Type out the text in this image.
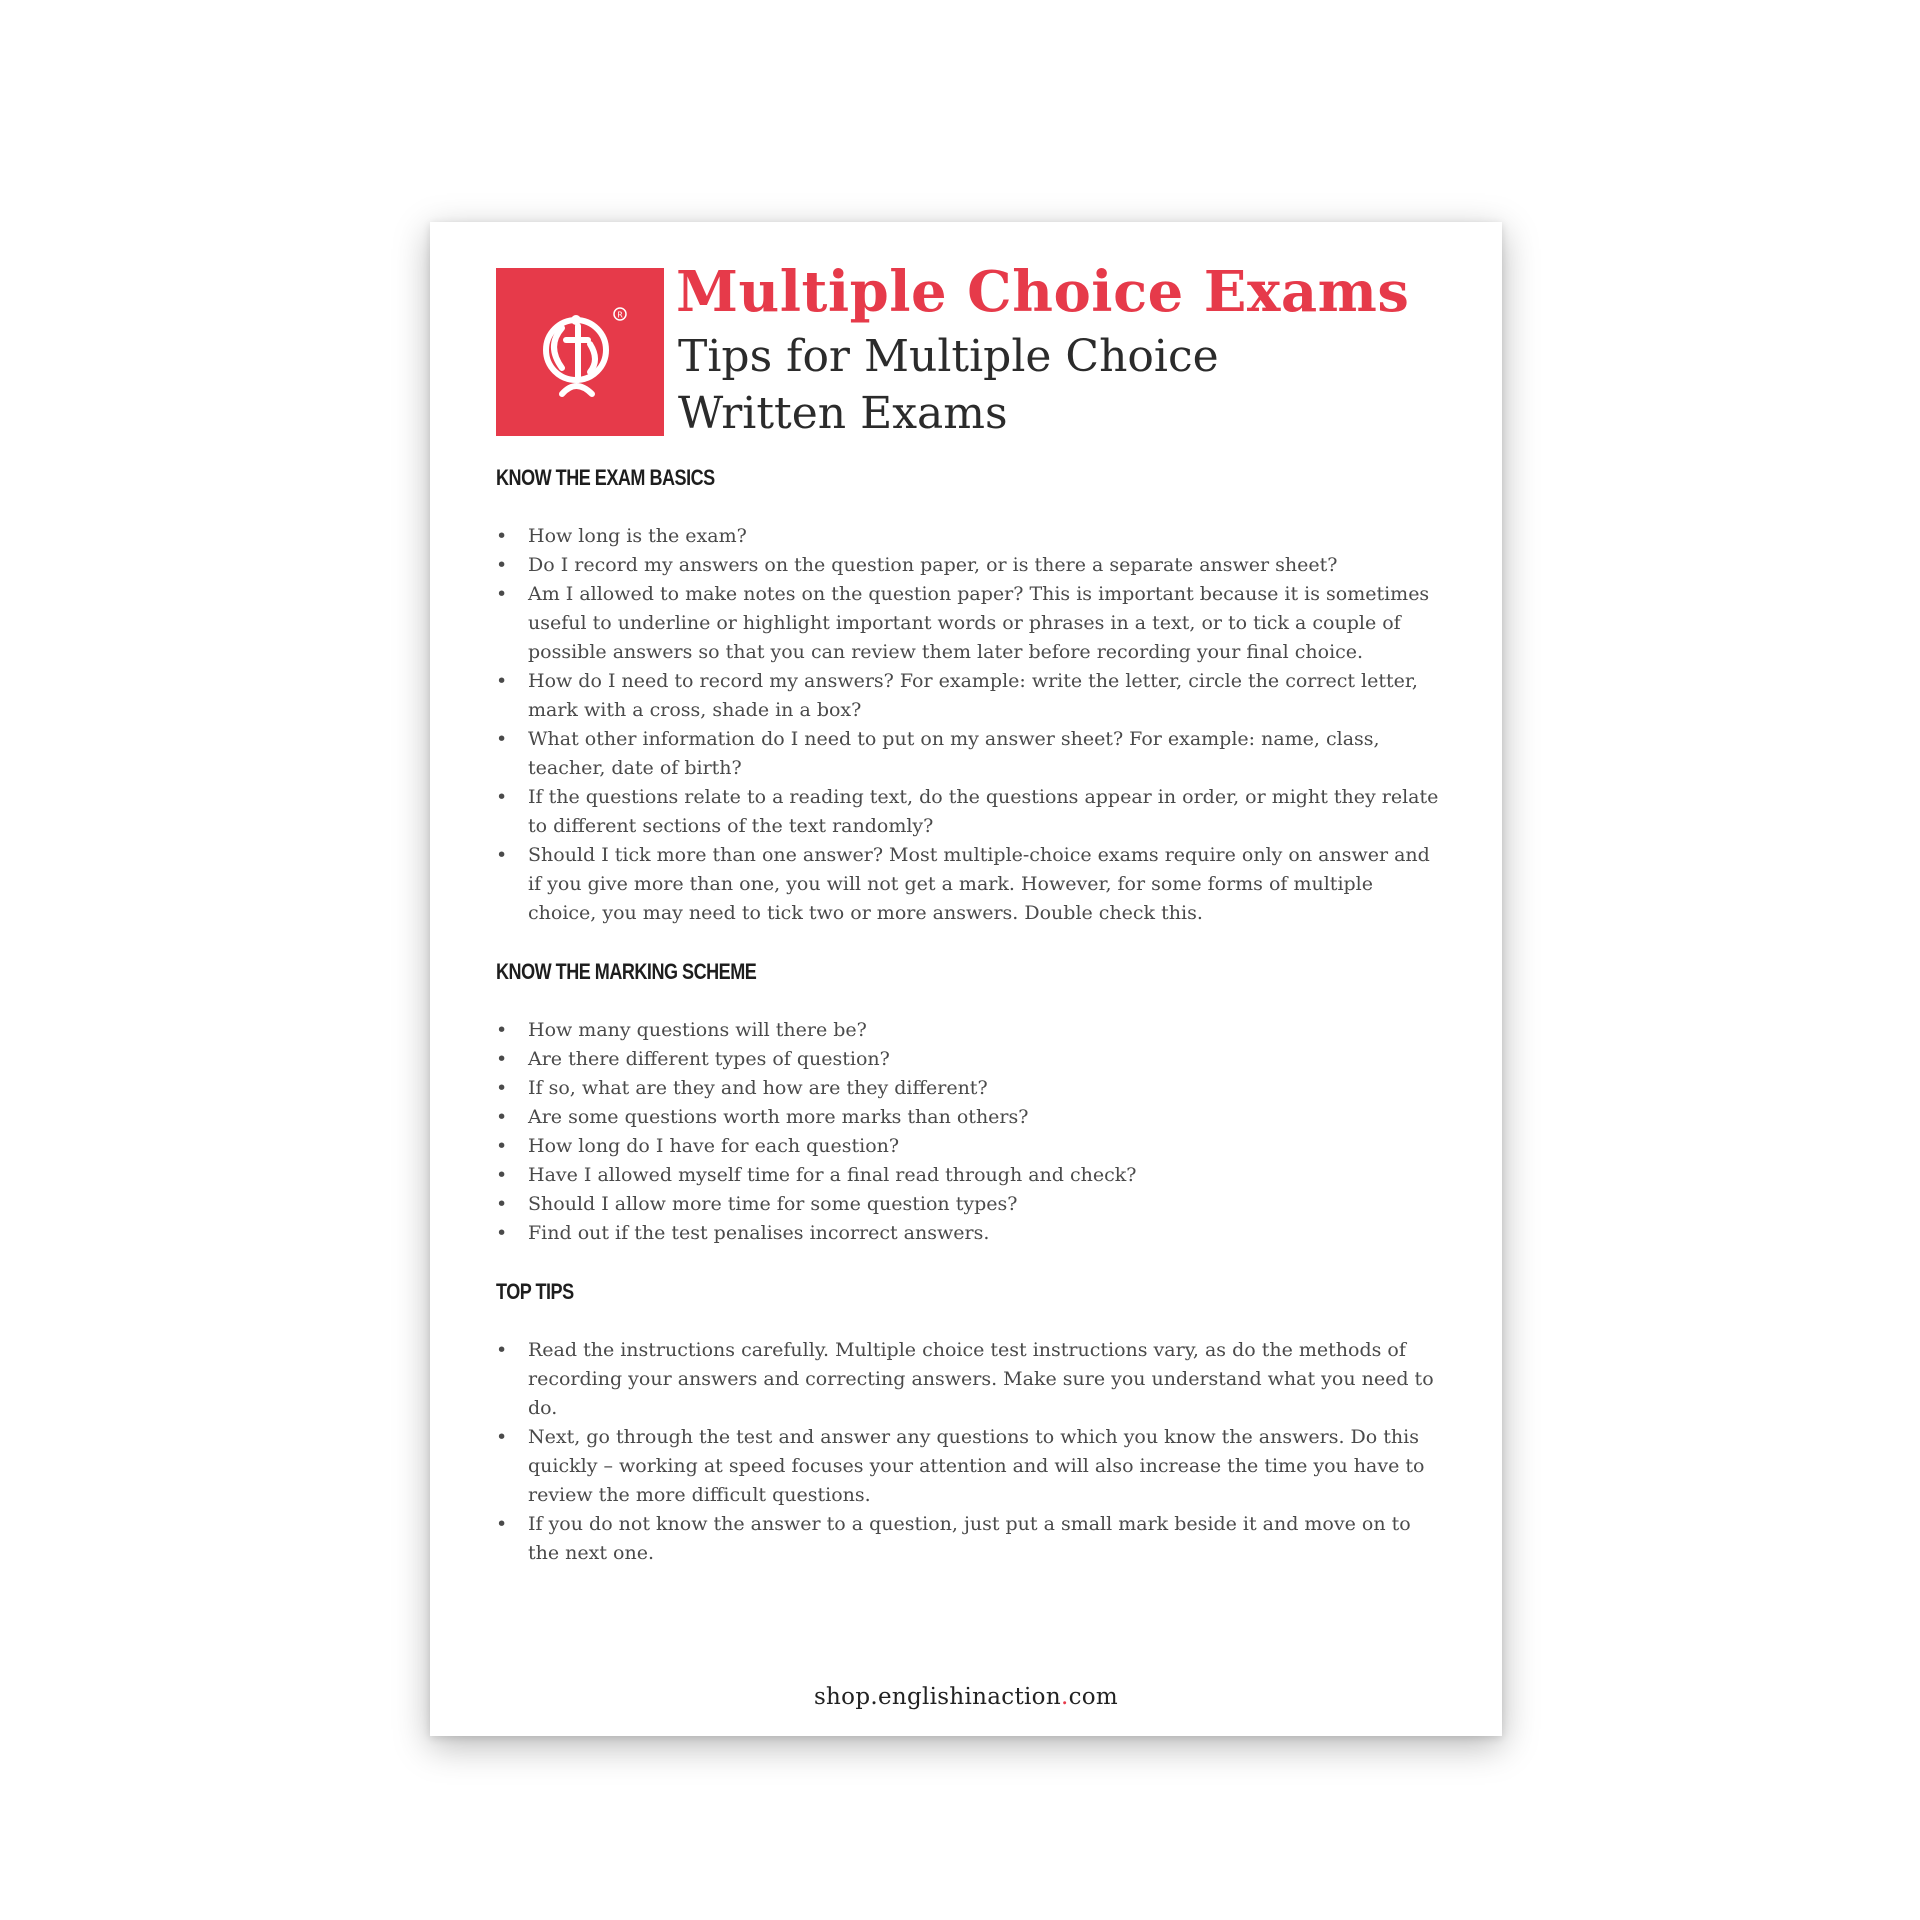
R Multiple Choice Exams
Tips for Multiple Choice Written Exams
KNOW THE EXAM BASICS
• How long is the exam?
• Do I record my answers on the question paper, or is there a separate answer sheet?
• Am I allowed to make notes on the question paper? This is important because it is sometimes useful to underline or highlight important words or phrases in a text, or to tick a couple of possible answers so that you can review them later before recording your final choice.
• How do I need to record my answers? For example: write the letter, circle the correct letter, mark with a cross, shade in a box?
• What other information do I need to put on my answer sheet? For example: name, class, teacher, date of birth?
• If the questions relate to a reading text, do the questions appear in order, or might they relate to different sections of the text randomly?
• Should I tick more than one answer? Most multiple-choice exams require only on answer and if you give more than one, you will not get a mark. However, for some forms of multiple choice, you may need to tick two or more answers. Double check this.
KNOW THE MARKING SCHEME
• How many questions will there be?
• Are there different types of question?
• If so, what are they and how are they different?
• Are some questions worth more marks than others?
• How long do I have for each question?
• Have I allowed myself time for a final read through and check?
• Should I allow more time for some question types?
• Find out if the test penalises incorrect answers.
TOP TIPS
• Read the instructions carefully. Multiple choice test instructions vary, as do the methods of recording your answers and correcting answers. Make sure you understand what you need to do.
• Next, go through the test and answer any questions to which you know the answers. Do this quickly – working at speed focuses your attention and will also increase the time you have to review the more difficult questions.
• If you do not know the answer to a question, just put a small mark beside it and move on to the next one.
shop.englishinaction.com
